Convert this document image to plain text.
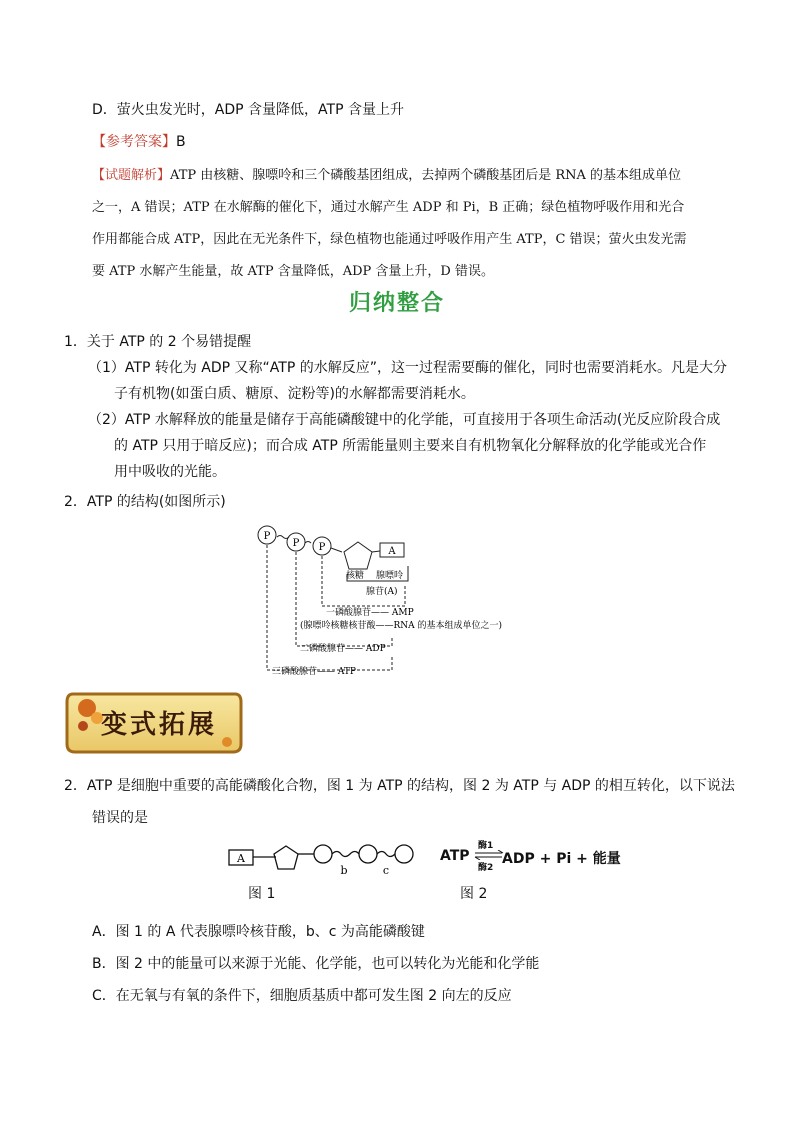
D．萤火虫发光时，ADP 含量降低，ATP 含量上升
【参考答案】B
【试题解析】ATP 由核糖、腺嘌呤和三个磷酸基团组成，去掉两个磷酸基团后是 RNA 的基本组成单位
之一，A 错误；ATP 在水解酶的催化下，通过水解产生 ADP 和 Pi，B 正确；绿色植物呼吸作用和光合
作用都能合成 ATP，因此在无光条件下，绿色植物也能通过呼吸作用产生 ATP，C 错误；萤火虫发光需
要 ATP 水解产生能量，故 ATP 含量降低，ADP 含量上升，D 错误。
归纳整合
1．关于 ATP 的 2 个易错提醒
（1）ATP 转化为 ADP 又称“ATP 的水解反应”，这一过程需要酶的催化，同时也需要消耗水。凡是大分
子有机物(如蛋白质、糖原、淀粉等)的水解都需要消耗水。
（2）ATP 水解释放的能量是储存于高能磷酸键中的化学能，可直接用于各项生命活动(光反应阶段合成
的 ATP 只用于暗反应)；而合成 ATP 所需能量则主要来自有机物氧化分解释放的化学能或光合作
用中吸收的光能。
2．ATP 的结构(如图所示)
P
P P	A
核糖 腺嘌呤
腺苷(A)
一磷酸腺苷—— AMP
(腺嘌呤核糖核苷酸——RNA 的基本组成单位之一)
二磷酸腺苷—— ADP
三磷酸腺苷—— ATP
变式拓展
2．ATP 是细胞中重要的高能磷酸化合物，图 1 为 ATP 的结构，图 2 为 ATP 与 ADP 的相互转化，以下说法
错误的是
A
b	c
图 1
ATP
酶1
酶2
ADP + Pi + 能量
图 2
A．图 1 的 A 代表腺嘌呤核苷酸，b、c 为高能磷酸键
B．图 2 中的能量可以来源于光能、化学能，也可以转化为光能和化学能
C．在无氧与有氧的条件下，细胞质基质中都可发生图 2 向左的反应
